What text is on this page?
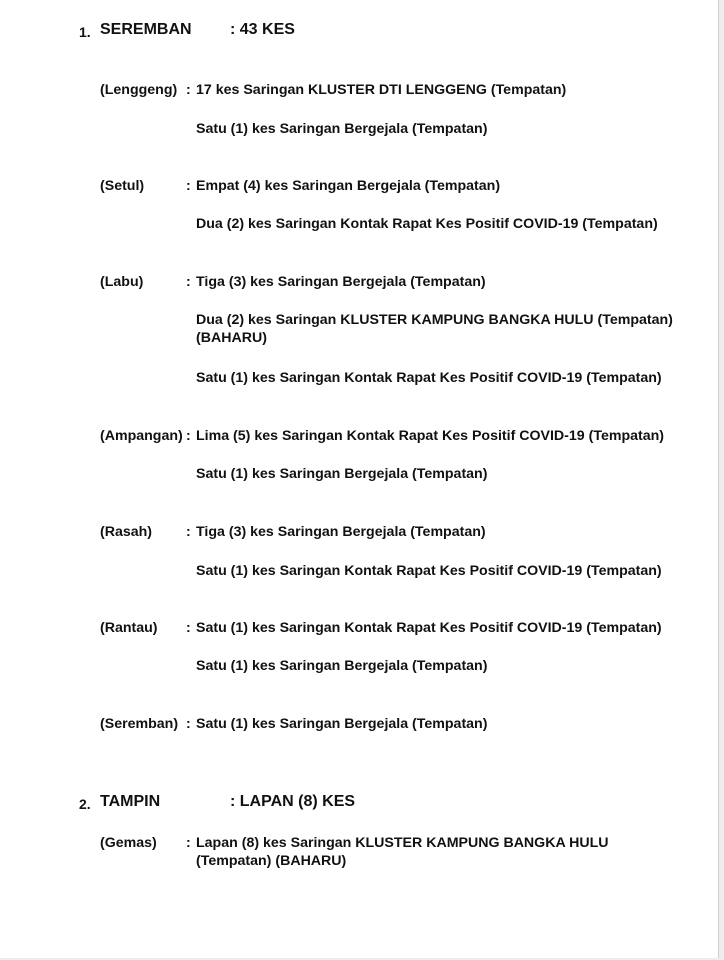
1. SEREMBAN : 43 KES
(Lenggeng) : 17 kes Saringan KLUSTER DTI LENGGENG (Tempatan)
Satu (1) kes Saringan Bergejala (Tempatan)
(Setul)	: Empat (4) kes Saringan Bergejala (Tempatan)
Dua (2) kes Saringan Kontak Rapat Kes Positif COVID-19 (Tempatan)
(Labu)	: Tiga (3) kes Saringan Bergejala (Tempatan)
Dua (2) kes Saringan KLUSTER KAMPUNG BANGKA HULU (Tempatan)
(BAHARU)
Satu (1) kes Saringan Kontak Rapat Kes Positif COVID-19 (Tempatan)
(Ampangan) : Lima (5) kes Saringan Kontak Rapat Kes Positif COVID-19 (Tempatan)
Satu (1) kes Saringan Bergejala (Tempatan)
(Rasah) : Tiga (3) kes Saringan Bergejala (Tempatan)
Satu (1) kes Saringan Kontak Rapat Kes Positif COVID-19 (Tempatan)
(Rantau) : Satu (1) kes Saringan Kontak Rapat Kes Positif COVID-19 (Tempatan)
Satu (1) kes Saringan Bergejala (Tempatan)
(Seremban) : Satu (1) kes Saringan Bergejala (Tempatan)
2. TAMPIN	: LAPAN (8) KES
(Gemas) : Lapan (8) kes Saringan KLUSTER KAMPUNG BANGKA HULU
(Tempatan) (BAHARU)
